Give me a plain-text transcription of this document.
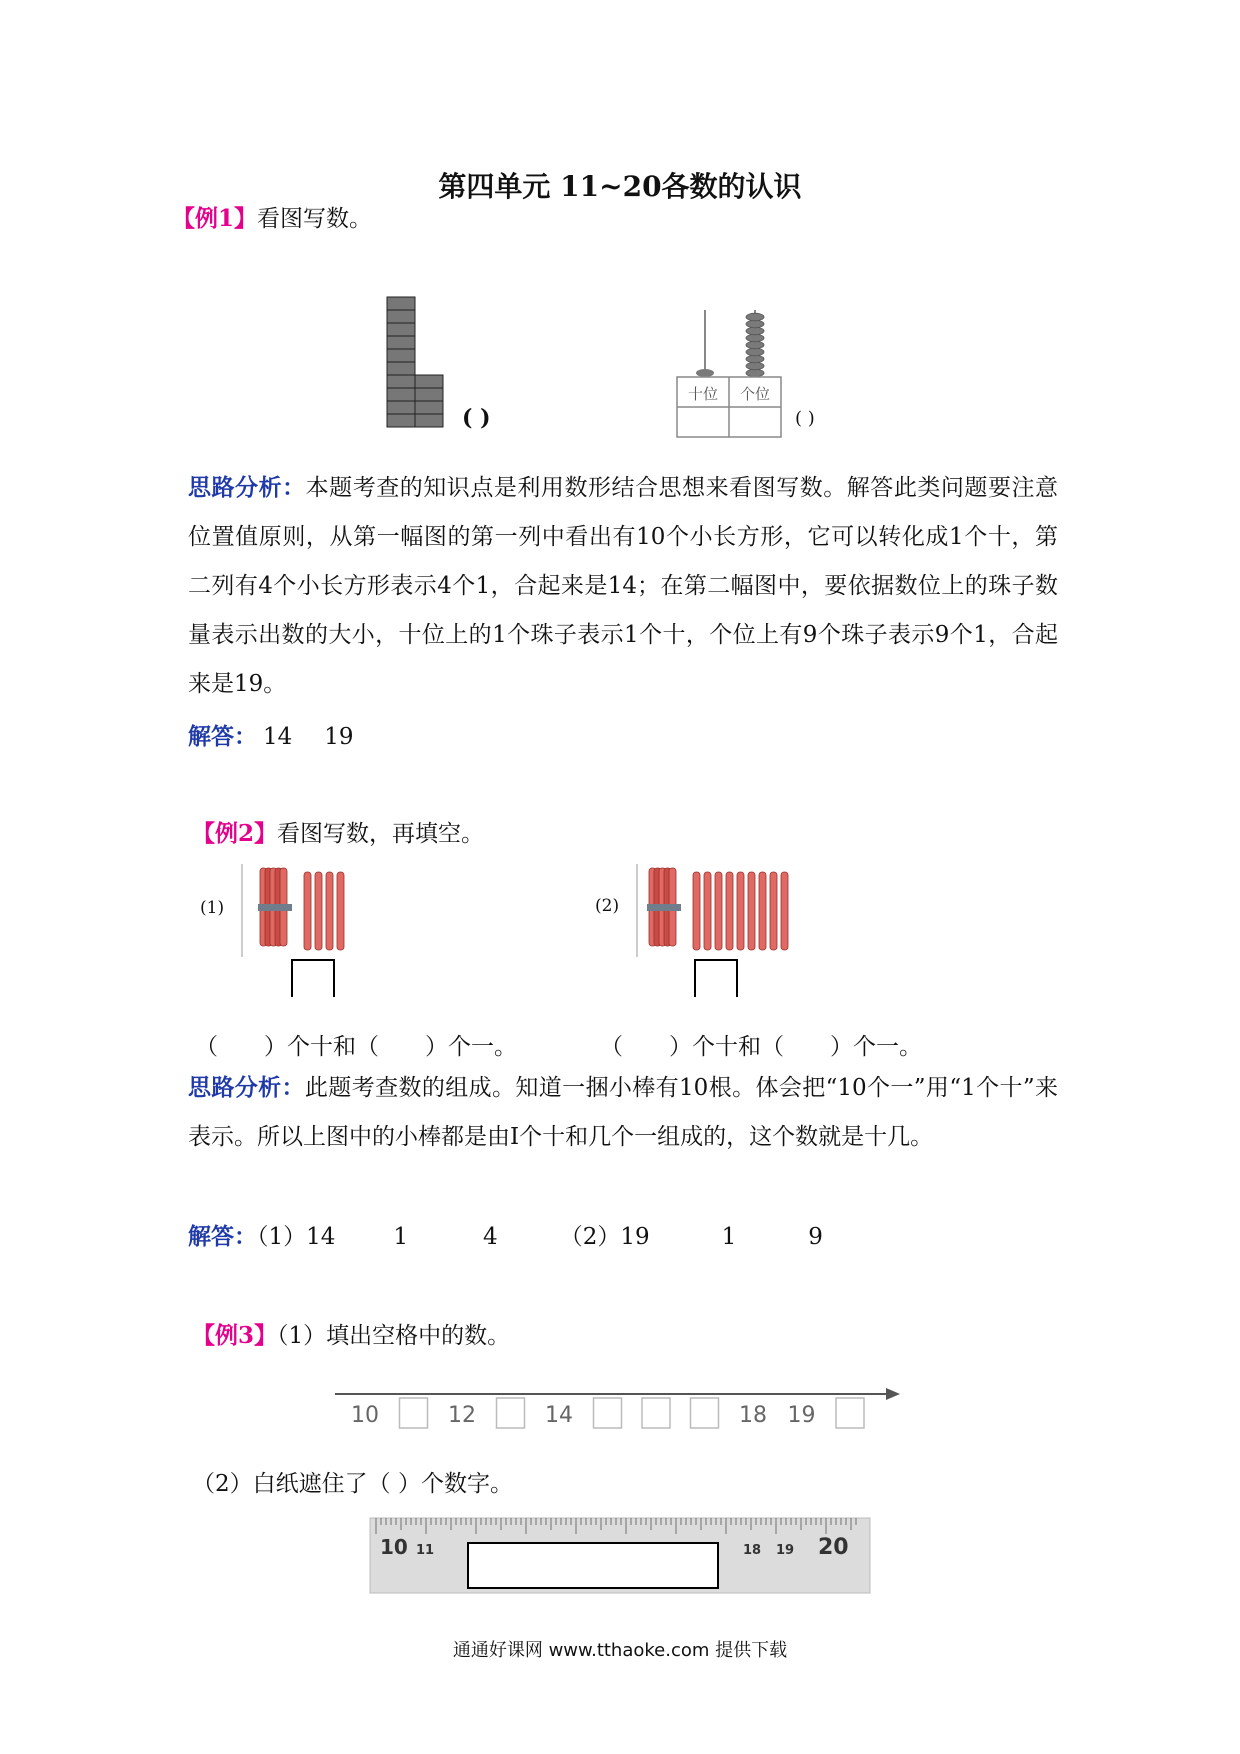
第四单元 11~20各数的认识
【例1】看图写数。
( )
十位 个位
( )
思路分析：本题考查的知识点是利用数形结合思想来看图写数。解答此类问题要注意位置值原则，从第一幅图的第一列中看出有10个小长方形，它可以转化成1个十，第二列有4个小长方形表示4个1，合起来是14；在第二幅图中，要依据数位上的珠子数量表示出数的大小，十位上的1个珠子表示1个十，个位上有9个珠子表示9个1，合起来是19。
解答： 14 19
【例2】看图写数，再填空。
(1)	(2)
（　　）个十和（　　）个一。	（　　）个十和（　　）个一。
思路分析：此题考查数的组成。知道一捆小棒有10根。体会把“10个一”用“1个十”来表示。所以上图中的小棒都是由I个十和几个一组成的，这个数就是十几。
解答：（1）14	1	4	（2）19	1	9
【例3】（1）填出空格中的数。
10	12	14	18 19
（2）白纸遮住了（ ）个数字。
10 11	18 19 20
通通好课网 www.tthaoke.com 提供下载
